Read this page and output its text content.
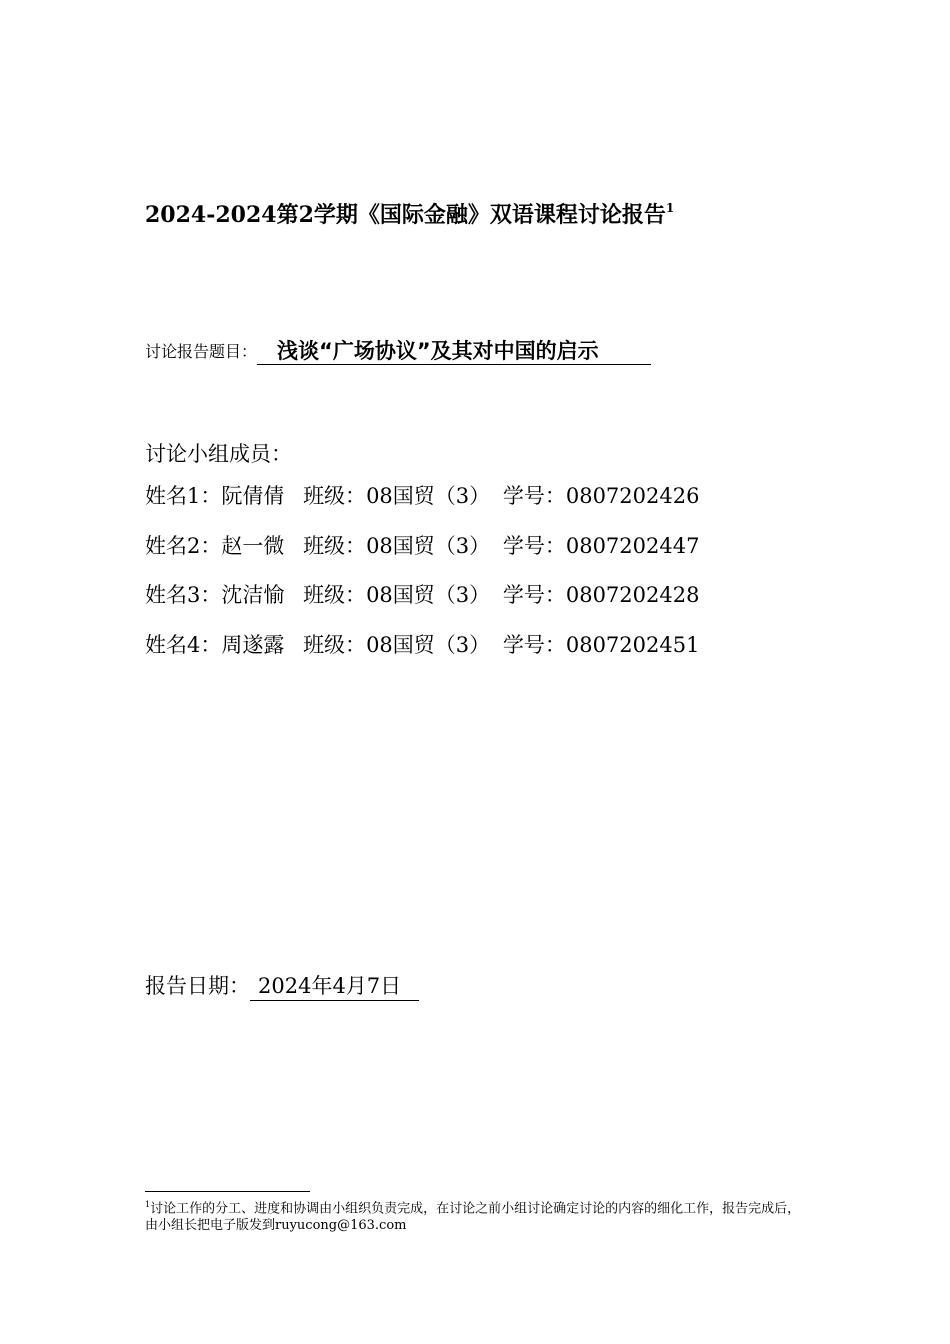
2024-2024第2学期《国际金融》双语课程讨论报告$^1$
讨论报告题目： 浅谈“广场协议”及其对中国的启示
讨论小组成员：
姓名1：阮倩倩 班级：08国贸（3） 学号：0807202426
姓名2：赵一微 班级：08国贸（3） 学号：0807202447
姓名3：沈洁愉 班级：08国贸（3） 学号：0807202428
姓名4：周遂露 班级：08国贸（3） 学号：0807202451
报告日期： 2024年4月7日
$^1$讨论工作的分工、进度和协调由小组织负责完成，在讨论之前小组讨论确定讨论的内容的细化工作，报告完成后，由小组长把电子版发到ruyucong@163.com
